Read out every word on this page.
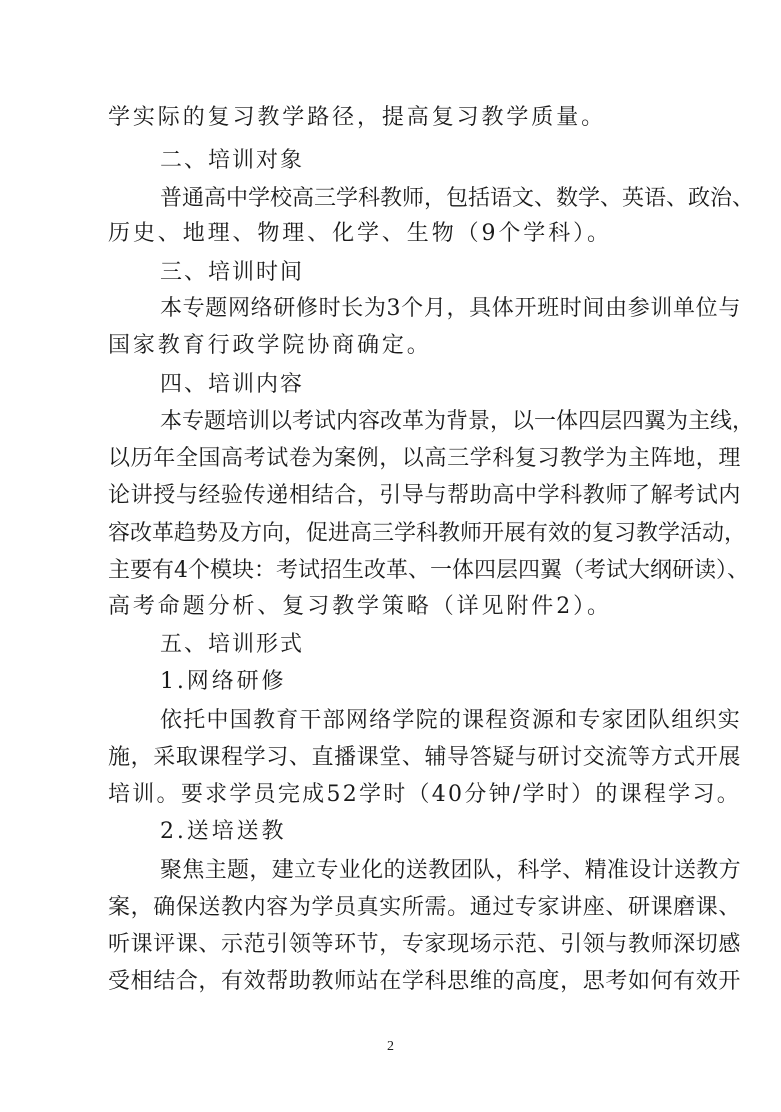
学实际的复习教学路径，提高复习教学质量。
二、培训对象
普通高中学校高三学科教师，包括语文、数学、英语、政治、
历史、地理、物理、化学、生物（9个学科）。
三、培训时间
本专题网络研修时长为3个月，具体开班时间由参训单位与
国家教育行政学院协商确定。
四、培训内容
本专题培训以考试内容改革为背景，以一体四层四翼为主线，
以历年全国高考试卷为案例，以高三学科复习教学为主阵地，理
论讲授与经验传递相结合，引导与帮助高中学科教师了解考试内
容改革趋势及方向，促进高三学科教师开展有效的复习教学活动，
主要有4个模块：考试招生改革、一体四层四翼（考试大纲研读）、
高考命题分析、复习教学策略（详见附件2）。
五、培训形式
1.网络研修
依托中国教育干部网络学院的课程资源和专家团队组织实
施，采取课程学习、直播课堂、辅导答疑与研讨交流等方式开展
培训。要求学员完成52学时（40分钟/学时）的课程学习。
2.送培送教
聚焦主题，建立专业化的送教团队，科学、精准设计送教方
案，确保送教内容为学员真实所需。通过专家讲座、研课磨课、
听课评课、示范引领等环节，专家现场示范、引领与教师深切感
受相结合，有效帮助教师站在学科思维的高度，思考如何有效开
2
